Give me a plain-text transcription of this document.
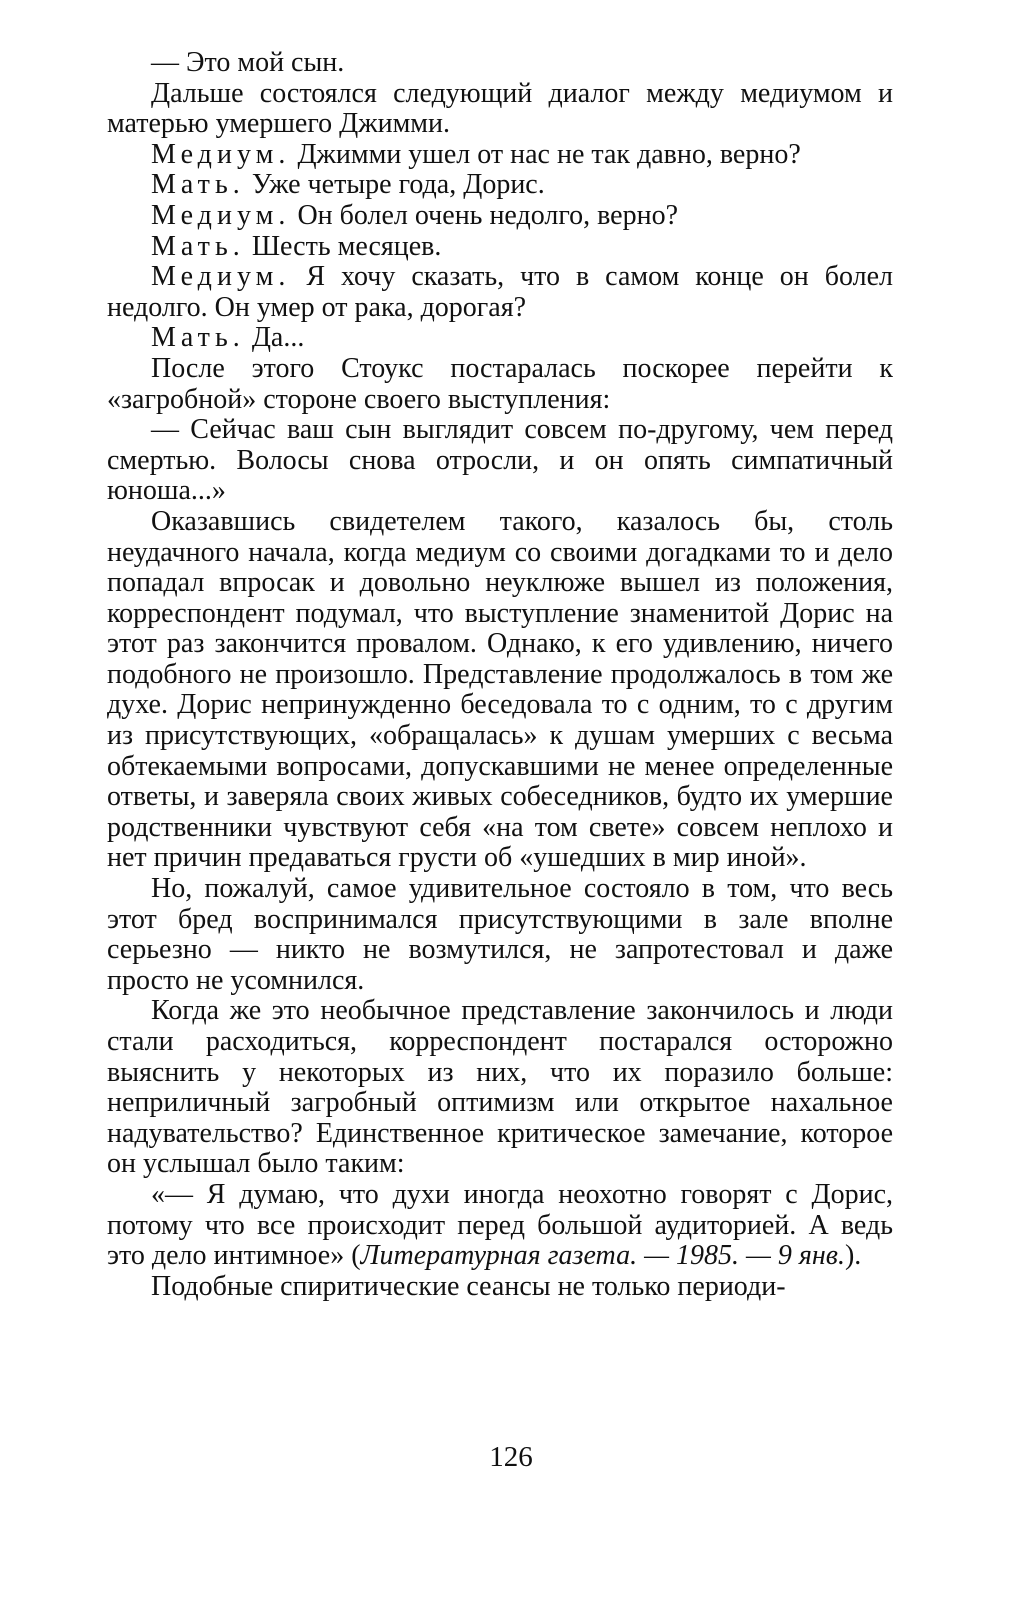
— Это мой сын.

Дальше состоялся следующий диалог между медиумом и матерью умершего Джимми.

Медиум. Джимми ушел от нас не так давно, верно?

Мать. Уже четыре года, Дорис.

Медиум. Он болел очень недолго, верно?

Мать. Шесть месяцев.

Медиум. Я хочу сказать, что в самом конце он болел недолго. Он умер от рака, дорогая?

Мать. Да...

После этого Стоукс постаралась поскорее перейти к «загробной» стороне своего выступления:

— Сейчас ваш сын выглядит совсем по-другому, чем перед смертью. Волосы снова отросли, и он опять симпатичный юноша...»

Оказавшись свидетелем такого, казалось бы, столь неудачного начала, когда медиум со своими догадками то и дело попадал впросак и довольно неуклюже вышел из положения, корреспондент подумал, что выступление знаменитой Дорис на этот раз закончится провалом. Однако, к его удивлению, ничего подобного не произошло. Представление продолжалось в том же духе. Дорис непринужденно беседовала то с одним, то с другим из присутствующих, «обращалась» к душам умерших с весьма обтекаемыми вопросами, допускавшими не менее определенные ответы, и заверяла своих живых собеседников, будто их умершие родственники чувствуют себя «на том свете» совсем неплохо и нет причин предаваться грусти об «ушедших в мир иной».

Но, пожалуй, самое удивительное состояло в том, что весь этот бред воспринимался присутствующими в зале вполне серьезно — никто не возмутился, не запротестовал и даже просто не усомнился.

Когда же это необычное представление закончилось и люди стали расходиться, корреспондент постарался осторожно выяснить у некоторых из них, что их поразило больше: неприличный загробный оптимизм или открытое нахальное надувательство? Единственное критическое замечание, которое он услышал было таким:

«— Я думаю, что духи иногда неохотно говорят с Дорис, потому что все происходит перед большой аудиторией. А ведь это дело интимное» (Литературная газета. — 1985. — 9 янв.).

Подобные спиритические сеансы не только периоди-

126
